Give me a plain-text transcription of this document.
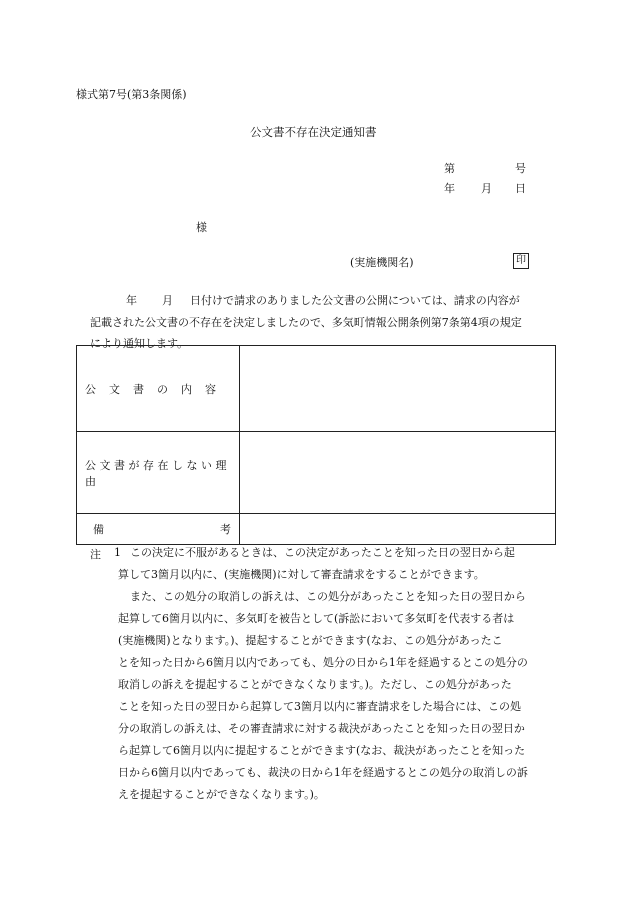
様式第7号(第3条関係)
公文書不存在決定通知書
第	号
年 月 日
様
(実施機関名)	印
年 月 日付けで請求のありました公文書の公開については、請求の内容が
記載された公文書の不存在を決定しましたので、多気町情報公開条例第7条第4項の規定
により通知します。
公文書の内容	

公文書が存在しない理由	

備 考	

注 1 この決定に不服があるときは、この決定があったことを知った日の翌日から起
算して3箇月以内に、(実施機関)に対して審査請求をすることができます。
また、この処分の取消しの訴えは、この処分があったことを知った日の翌日から
起算して6箇月以内に、多気町を被告として(訴訟において多気町を代表する者は
(実施機関)となります。)、提起することができます(なお、この処分があったこ
とを知った日から6箇月以内であっても、処分の日から1年を経過するとこの処分の
取消しの訴えを提起することができなくなります。)。ただし、この処分があった
ことを知った日の翌日から起算して3箇月以内に審査請求をした場合には、この処
分の取消しの訴えは、その審査請求に対する裁決があったことを知った日の翌日か
ら起算して6箇月以内に提起することができます(なお、裁決があったことを知った
日から6箇月以内であっても、裁決の日から1年を経過するとこの処分の取消しの訴
えを提起することができなくなります。)。
